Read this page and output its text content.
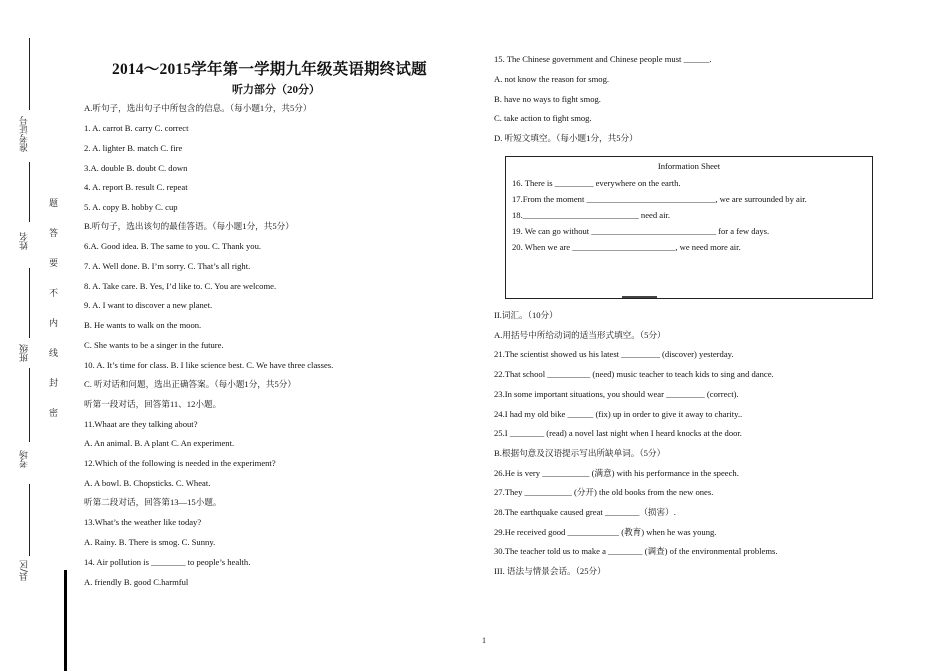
准考证号
姓名
班级
考场
县/区
题
答
要
不
内
线
封
密
2014～2015学年第一学期九年级英语期终试题
听力部分（20分）
A.听句子，选出句子中所包含的信息。（每小题1分，共5分）
1. A. carrot B. carry C. correct
2. A. lighter B. match C. fire
3.A. double B. doubt C. down
4. A. report B. result C. repeat
5. A. copy B. hobby C. cup
B.听句子，选出该句的最佳答语。（每小题1分，共5分）
6.A. Good idea. B. The same to you. C. Thank you.
7. A. Well done. B. I’m sorry. C. That’s all right.
8. A. Take care. B. Yes, I’d like to. C. You are welcome.
9. A. I want to discover a new planet.
B. He wants to walk on the moon.
C. She wants to be a singer in the future.
10. A. It’s time for class. B. I like science best. C. We have three classes.
C. 听对话和问题，选出正确答案。（每小题1分，共5分）
听第一段对话，回答第11、12小题。
11.Whaat are they talking about?
A. An animal. B. A plant C. An experiment.
12.Which of the following is needed in the experiment?
A. A bowl. B. Chopsticks. C. Wheat.
听第二段对话，回答第13—15小题。
13.What’s the weather like today?
A. Rainy. B. There is smog. C. Sunny.
14. Air pollution is ________ to people’s health.
A. friendly B. good C.harmful
15. The Chinese government and Chinese people must ______.
A. not know the reason for smog.
B. have no ways to fight smog.
C. take action to fight smog.
D. 听短文填空。（每小题1分，共5分）
Information Sheet
16. There is _________ everywhere on the earth.
17.From the moment ______________________________, we are surrounded by air.
18.___________________________ need air.
19. We can go without _____________________________ for a few days.
20. When we are ________________________, we need more air.
II.词汇。（10分）
A.用括号中所给动词的适当形式填空。（5分）
21.The scientist showed us his latest _________ (discover) yesterday.
22.That school __________ (need) music teacher to teach kids to sing and dance.
23.In some important situations, you should wear _________ (correct).
24.I had my old bike ______ (fix) up in order to give it away to charity..
25.I ________ (read) a novel last night when I heard knocks at the door.
B.根据句意及汉语提示写出所缺单词。（5分）
26.He is very ___________ (满意) with his performance in the speech.
27.They ___________ (分开) the old books from the new ones.
28.The earthquake caused great ________（损害）.
29.He received good ____________ (教育) when he was young.
30.The teacher told us to make a ________ (调查) of the environmental problems.
III. 语法与情景会话。（25分）
1
